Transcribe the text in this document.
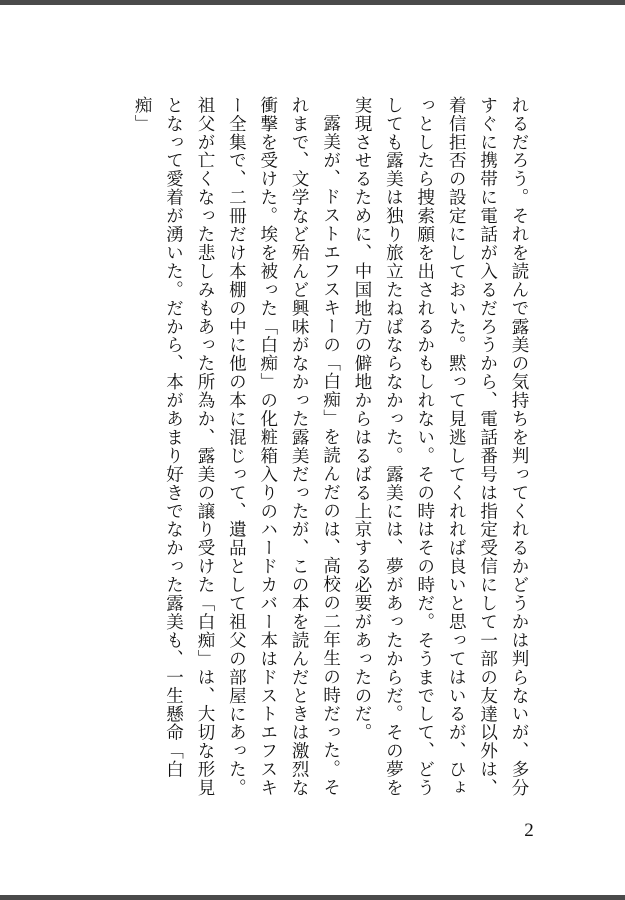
れるだろう。それを読んで露美の気持ちを判ってくれるかどうかは判らないが、多分すぐに携帯に電話が入るだろうから、電話番号は指定受信にして一部の友達以外は、着信拒否の設定にしておいた。黙って見逃してくれれば良いと思ってはいるが、ひょっとしたら捜索願を出されるかもしれない。その時はその時だ。そうまでして、どうしても露美は独り旅立たねばならなかった。露美には、夢があったからだ。その夢を実現させるために、中国地方の僻地からはるばる上京する必要があったのだ。

露美が、ドストエフスキーの「白痴」を読んだのは、高校の二年生の時だった。それまで、文学など殆んど興味がなかった露美だったが、この本を読んだときは激烈な衝撃を受けた。埃を被った「白痴」の化粧箱入りのハードカバー本はドストエフスキー全集で、二冊だけ本棚の中に他の本に混じって、遺品として祖父の部屋にあった。祖父が亡くなった悲しみもあった所為か、露美の譲り受けた「白痴」は、大切な形見となって愛着が湧いた。だから、本があまり好きでなかった露美も、一生懸命「白痴」

2
